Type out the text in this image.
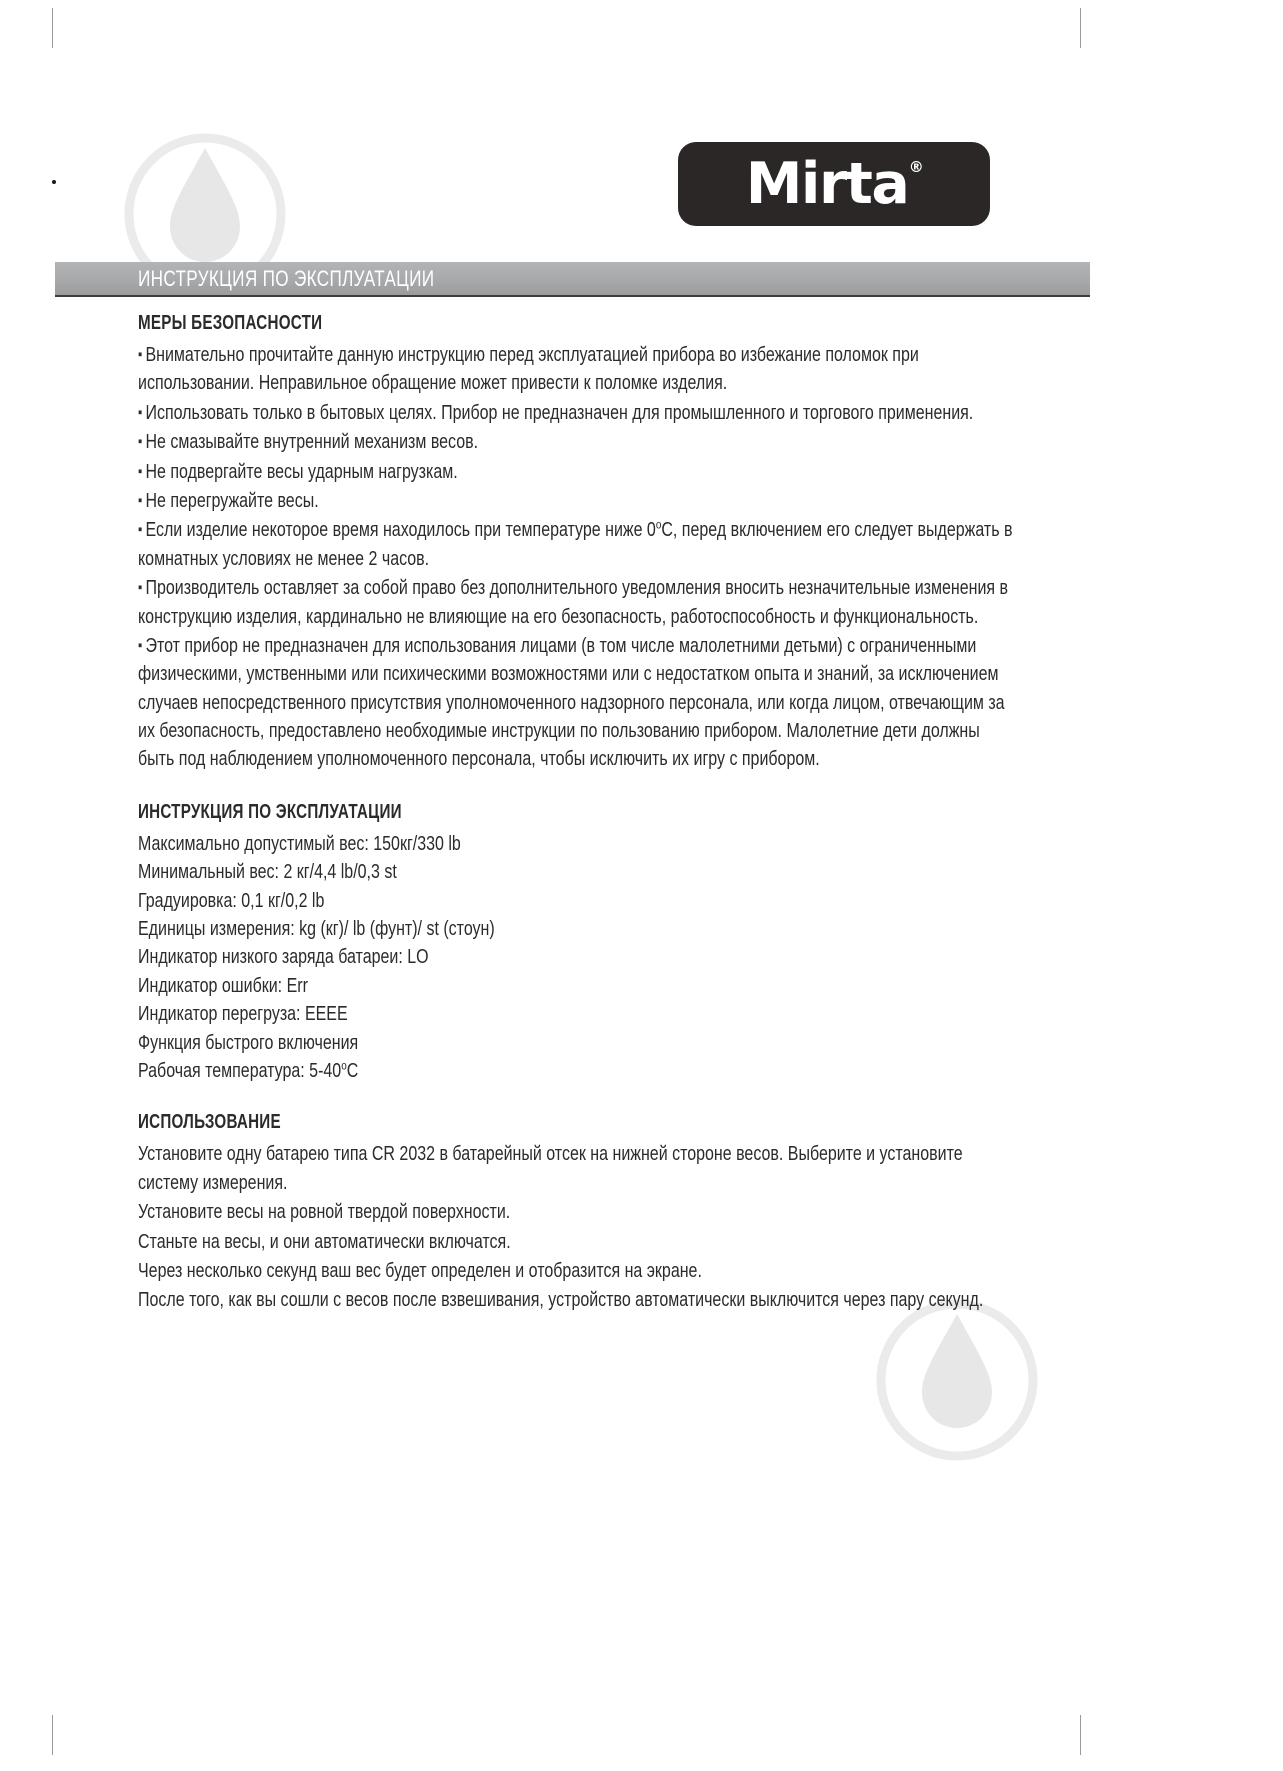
Mirta ®
ИНСТРУКЦИЯ ПО ЭКСПЛУАТАЦИИ
МЕРЫ БЕЗОПАСНОСТИ

▪ Внимательно прочитайте данную инструкцию перед эксплуатацией прибора во избежание поломок при использовании. Неправильное обращение может привести к поломке изделия.

▪ Использовать только в бытовых целях. Прибор не предназначен для промышленного и торгового применения.

▪ Не смазывайте внутренний механизм весов.

▪ Не подвергайте весы ударным нагрузкам.

▪ Не перегружайте весы.

▪ Если изделие некоторое время находилось при температуре ниже 0$^o$C, перед включением его следует выдержать в комнатных условиях не менее 2 часов.

▪ Производитель оставляет за собой право без дополнительного уведомления вносить незначительные изменения в конструкцию изделия, кардинально не влияющие на его безопасность, работоспособность и функциональность.

▪ Этот прибор не предназначен для использования лицами (в том числе малолетними детьми) с ограниченными физическими, умственными или психическими возможностями или с недостатком опыта и знаний, за исключением случаев непосредственного присутствия уполномоченного надзорного персонала, или когда лицом, отвечающим за их безопасность, предоставлено необходимые инструкции по пользованию прибором. Малолетние дети должны быть под наблюдением уполномоченного персонала, чтобы исключить их игру с прибором.

ИНСТРУКЦИЯ ПО ЭКСПЛУАТАЦИИ

Максимально допустимый вес: 150кг/330 lb

Минимальный вес: 2 кг/4,4 lb/0,3 st

Градуировка: 0,1 кг/0,2 lb

Единицы измерения: kg (кг)/ lb (фунт)/ st (стоун)

Индикатор низкого заряда батареи: LO

Индикатор ошибки: Err

Индикатор перегруза: EEEE

Функция быстрого включения

Рабочая температура: 5-40$^o$C

ИСПОЛЬЗОВАНИЕ

Установите одну батарею типа CR 2032 в батарейный отсек на нижней стороне весов. Выберите и установите систему измерения.

Установите весы на ровной твердой поверхности.

Станьте на весы, и они автоматически включатся.

Через несколько секунд ваш вес будет определен и отобразится на экране.

После того, как вы сошли с весов после взвешивания, устройство автоматически выключится через пару секунд.
